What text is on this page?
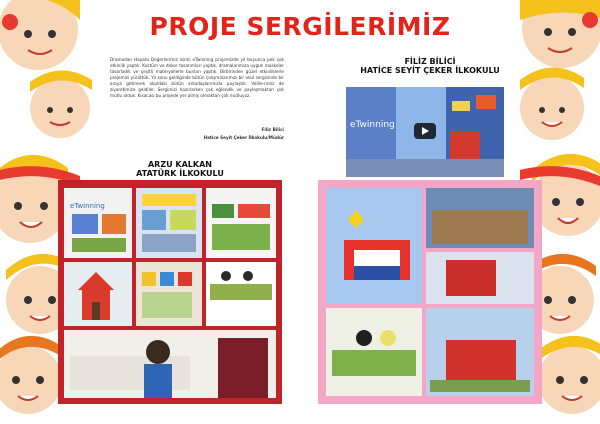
PROJE SERGİLERİMİZ
Dramadan Hayata Değerlerimiz isimli eTwinning projemizde yıl boyunca pek çok etkinlik yaptık. Kostüm ve dekor tasarımları yaptık, dramalarımıza uygun maskeler tasarladık ve çeşitli materyallerle bunları yaptık. Birbirinden güzel etkinliklerle projemizi yürüttük. Yıl sonu geldiğinde bütün çalışmalarımızı bir okul sergisinde bir araya getirerek okuldaki bütün arkadaşlarımızla paylaştık. Velile-rimiz de ziyaretimize geldiler. Sergimizi hazırlarken çok eğlendik ve paylaşmaktan çok mutlu olduk. Kısacası bu projede yer almış olmaktan çok mutluyuz.
Filiz Bilici
Hatice Seyit Çeker İlkokulu/Müdür
FİLİZ BİLİCİ
HATİCE SEYİT ÇEKER İLKOKULU
eTwinning
ARZU KALKAN
ATATÜRK İLKOKULU
eTwinning
